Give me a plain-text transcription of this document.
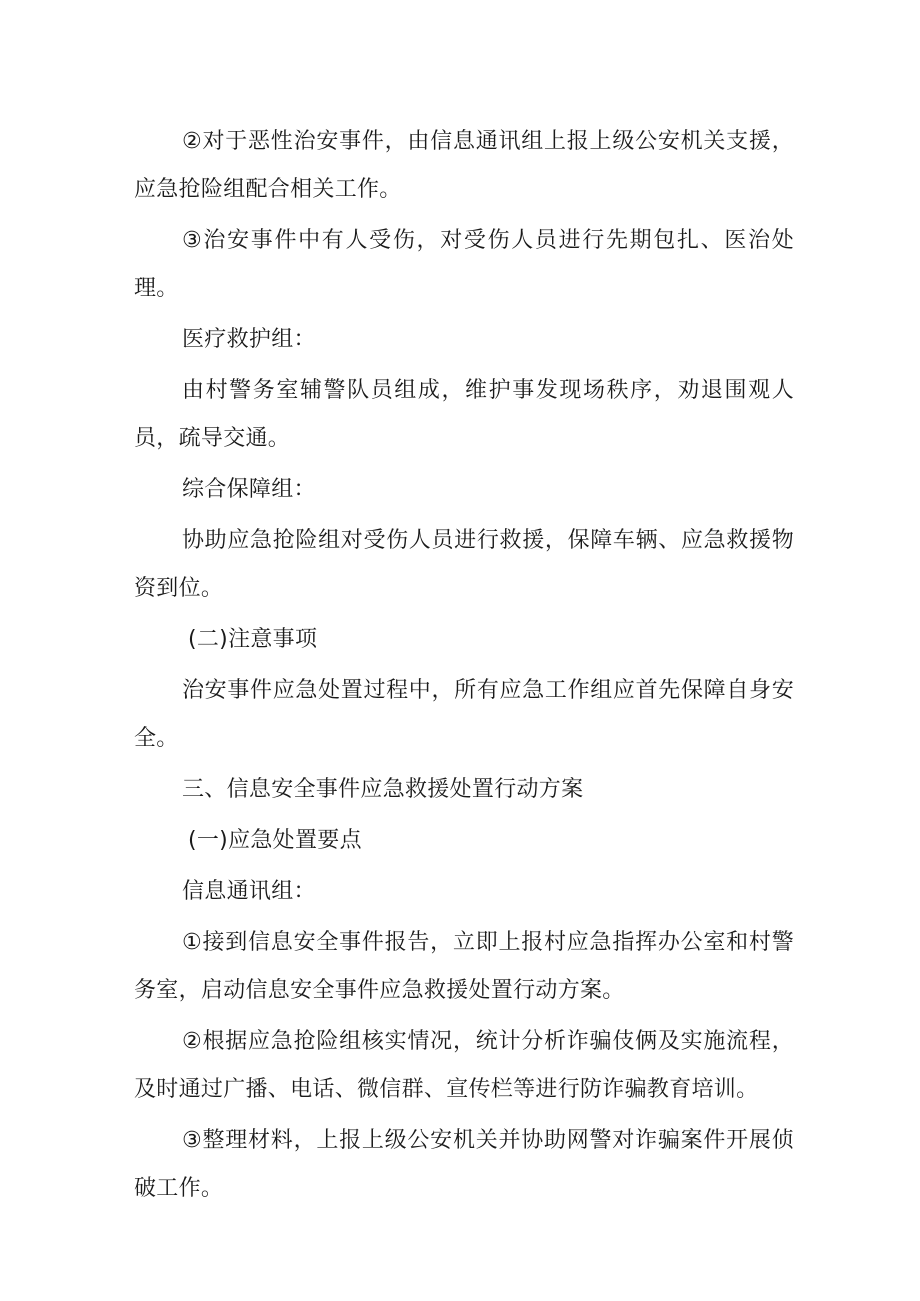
②对于恶性治安事件，由信息通讯组上报上级公安机关支援，应急抢险组配合相关工作。

③治安事件中有人受伤，对受伤人员进行先期包扎、医治处理。

医疗救护组：

由村警务室辅警队员组成，维护事发现场秩序，劝退围观人员，疏导交通。

综合保障组：

协助应急抢险组对受伤人员进行救援，保障车辆、应急救援物资到位。

(二)注意事项

治安事件应急处置过程中，所有应急工作组应首先保障自身安全。

三、信息安全事件应急救援处置行动方案

(一)应急处置要点

信息通讯组：

①接到信息安全事件报告，立即上报村应急指挥办公室和村警务室，启动信息安全事件应急救援处置行动方案。

②根据应急抢险组核实情况，统计分析诈骗伎俩及实施流程，及时通过广播、电话、微信群、宣传栏等进行防诈骗教育培训。

③整理材料，上报上级公安机关并协助网警对诈骗案件开展侦破工作。
